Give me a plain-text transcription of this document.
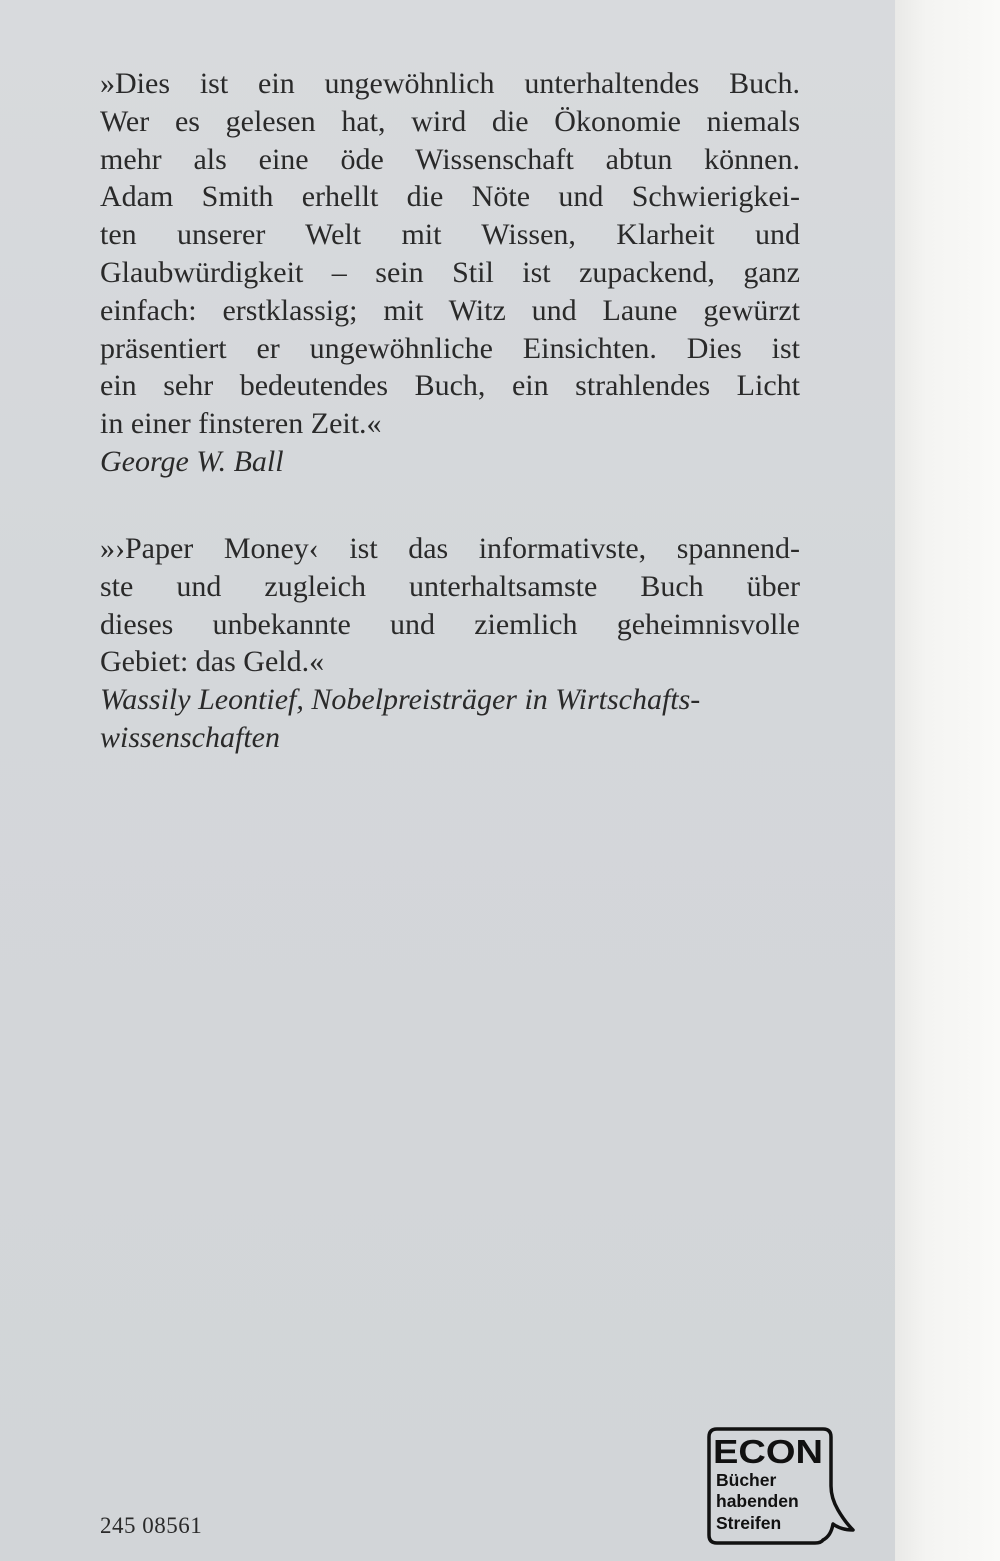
»Dies ist ein ungewöhnlich unterhaltendes Buch.
Wer es gelesen hat, wird die Ökonomie niemals
mehr als eine öde Wissenschaft abtun können.
Adam Smith erhellt die Nöte und Schwierigkei-
ten unserer Welt mit Wissen, Klarheit und
Glaubwürdigkeit – sein Stil ist zupackend, ganz
einfach: erstklassig; mit Witz und Laune gewürzt
präsentiert er ungewöhnliche Einsichten. Dies ist
ein sehr bedeutendes Buch, ein strahlendes Licht
in einer finsteren Zeit.«
George W. Ball
»›Paper Money‹ ist das informativste, spannend-
ste und zugleich unterhaltsamste Buch über
dieses unbekannte und ziemlich geheimnisvolle
Gebiet: das Geld.«
Wassily Leontief, Nobelpreisträger in Wirtschafts-
wissenschaften
245 08561
ECON
Bücher
habenden
Streifen
